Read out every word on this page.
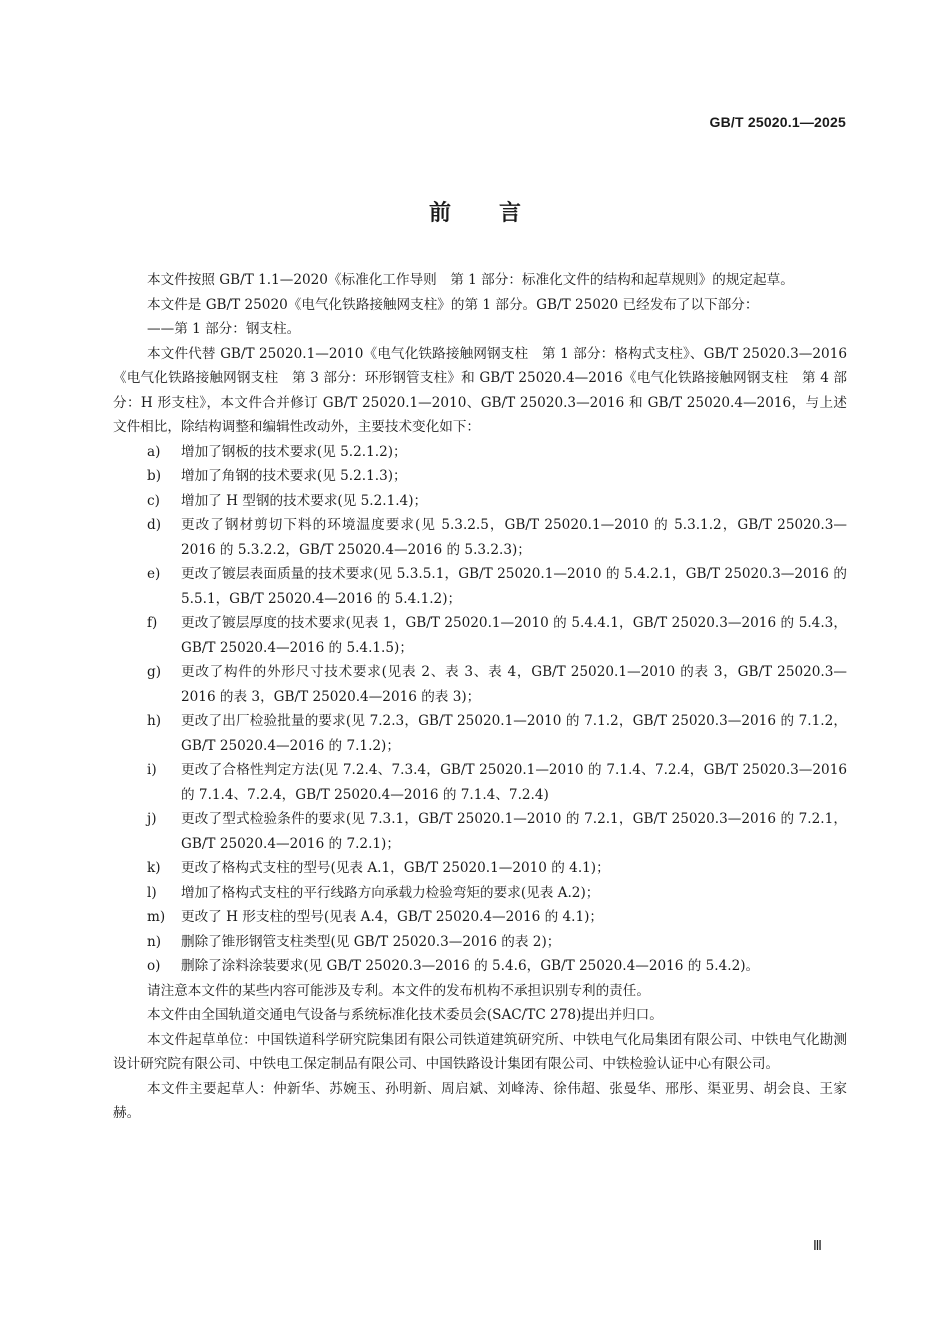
GB/T 25020.1—2025
前言

本文件按照 GB/T 1.1—2020《标准化工作导则　第 1 部分：标准化文件的结构和起草规则》的规定起草。

本文件是 GB/T 25020《电气化铁路接触网支柱》的第 1 部分。GB/T 25020 已经发布了以下部分：

——第 1 部分：钢支柱。

本文件代替 GB/T 25020.1—2010《电气化铁路接触网钢支柱　第 1 部分：格构式支柱》、GB/T 25020.3—2016《电气化铁路接触网钢支柱　第 3 部分：环形钢管支柱》和 GB/T 25020.4—2016《电气化铁路接触网钢支柱　第 4 部分：H 形支柱》，本文件合并修订 GB/T 25020.1—2010、GB/T 25020.3—2016 和 GB/T 25020.4—2016，与上述文件相比，除结构调整和编辑性改动外，主要技术变化如下：

a)	增加了钢板的技术要求(见 5.2.1.2)；
b)	增加了角钢的技术要求(见 5.2.1.3)；
c)	增加了 H 型钢的技术要求(见 5.2.1.4)；
d)	更改了钢材剪切下料的环境温度要求(见 5.3.2.5，GB/T 25020.1—2010 的 5.3.1.2，GB/T 25020.3—2016 的 5.3.2.2，GB/T 25020.4—2016 的 5.3.2.3)；
e)	更改了镀层表面质量的技术要求(见 5.3.5.1，GB/T 25020.1—2010 的 5.4.2.1，GB/T 25020.3—2016 的 5.5.1，GB/T 25020.4—2016 的 5.4.1.2)；
f)	更改了镀层厚度的技术要求(见表 1，GB/T 25020.1—2010 的 5.4.4.1，GB/T 25020.3—2016 的 5.4.3，GB/T 25020.4—2016 的 5.4.1.5)；
g)	更改了构件的外形尺寸技术要求(见表 2、表 3、表 4，GB/T 25020.1—2010 的表 3，GB/T 25020.3—2016 的表 3，GB/T 25020.4—2016 的表 3)；
h)	更改了出厂检验批量的要求(见 7.2.3，GB/T 25020.1—2010 的 7.1.2，GB/T 25020.3—2016 的 7.1.2，GB/T 25020.4—2016 的 7.1.2)；
i)	更改了合格性判定方法(见 7.2.4、7.3.4，GB/T 25020.1—2010 的 7.1.4、7.2.4，GB/T 25020.3—2016 的 7.1.4、7.2.4，GB/T 25020.4—2016 的 7.1.4、7.2.4)
j)	更改了型式检验条件的要求(见 7.3.1，GB/T 25020.1—2010 的 7.2.1，GB/T 25020.3—2016 的 7.2.1，GB/T 25020.4—2016 的 7.2.1)；
k)	更改了格构式支柱的型号(见表 A.1，GB/T 25020.1—2010 的 4.1)；
l)	增加了格构式支柱的平行线路方向承载力检验弯矩的要求(见表 A.2)；
m)	更改了 H 形支柱的型号(见表 A.4，GB/T 25020.4—2016 的 4.1)；
n)	删除了锥形钢管支柱类型(见 GB/T 25020.3—2016 的表 2)；
o)	删除了涂料涂装要求(见 GB/T 25020.3—2016 的 5.4.6，GB/T 25020.4—2016 的 5.4.2)。

请注意本文件的某些内容可能涉及专利。本文件的发布机构不承担识别专利的责任。

本文件由全国轨道交通电气设备与系统标准化技术委员会(SAC/TC 278)提出并归口。

本文件起草单位：中国铁道科学研究院集团有限公司铁道建筑研究所、中铁电气化局集团有限公司、中铁电气化勘测设计研究院有限公司、中铁电工保定制品有限公司、中国铁路设计集团有限公司、中铁检验认证中心有限公司。

本文件主要起草人：仲新华、苏婉玉、孙明新、周启斌、刘峰涛、徐伟超、张曼华、邢彤、渠亚男、胡会良、王家赫。

Ⅲ
